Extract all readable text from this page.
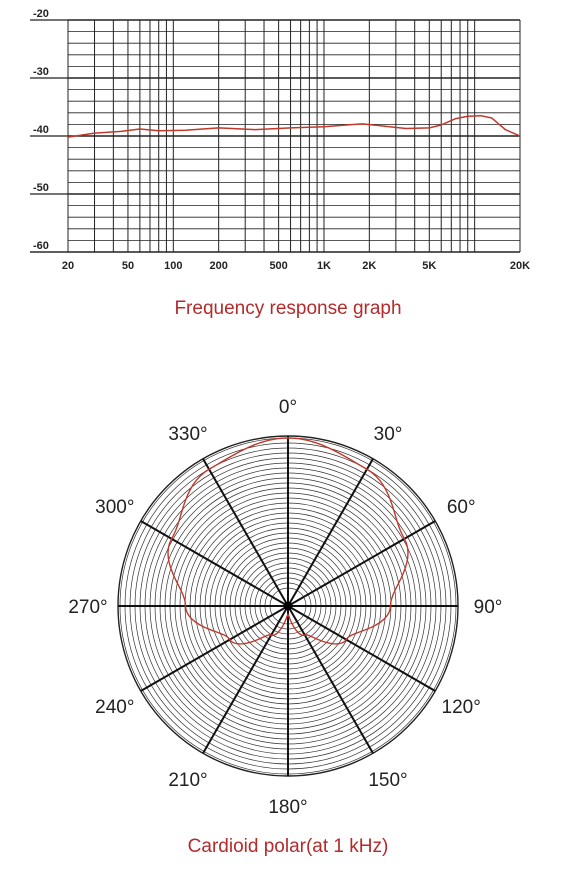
-20
-30
-40
-50
-60
20	50	100 200	500	1K	2K	5K	20K
Frequency response graph
0°
30°
60°
90°
120°
150°
180°
210°
240°
270°
300°
330°
Cardioid polar(at 1 kHz)
